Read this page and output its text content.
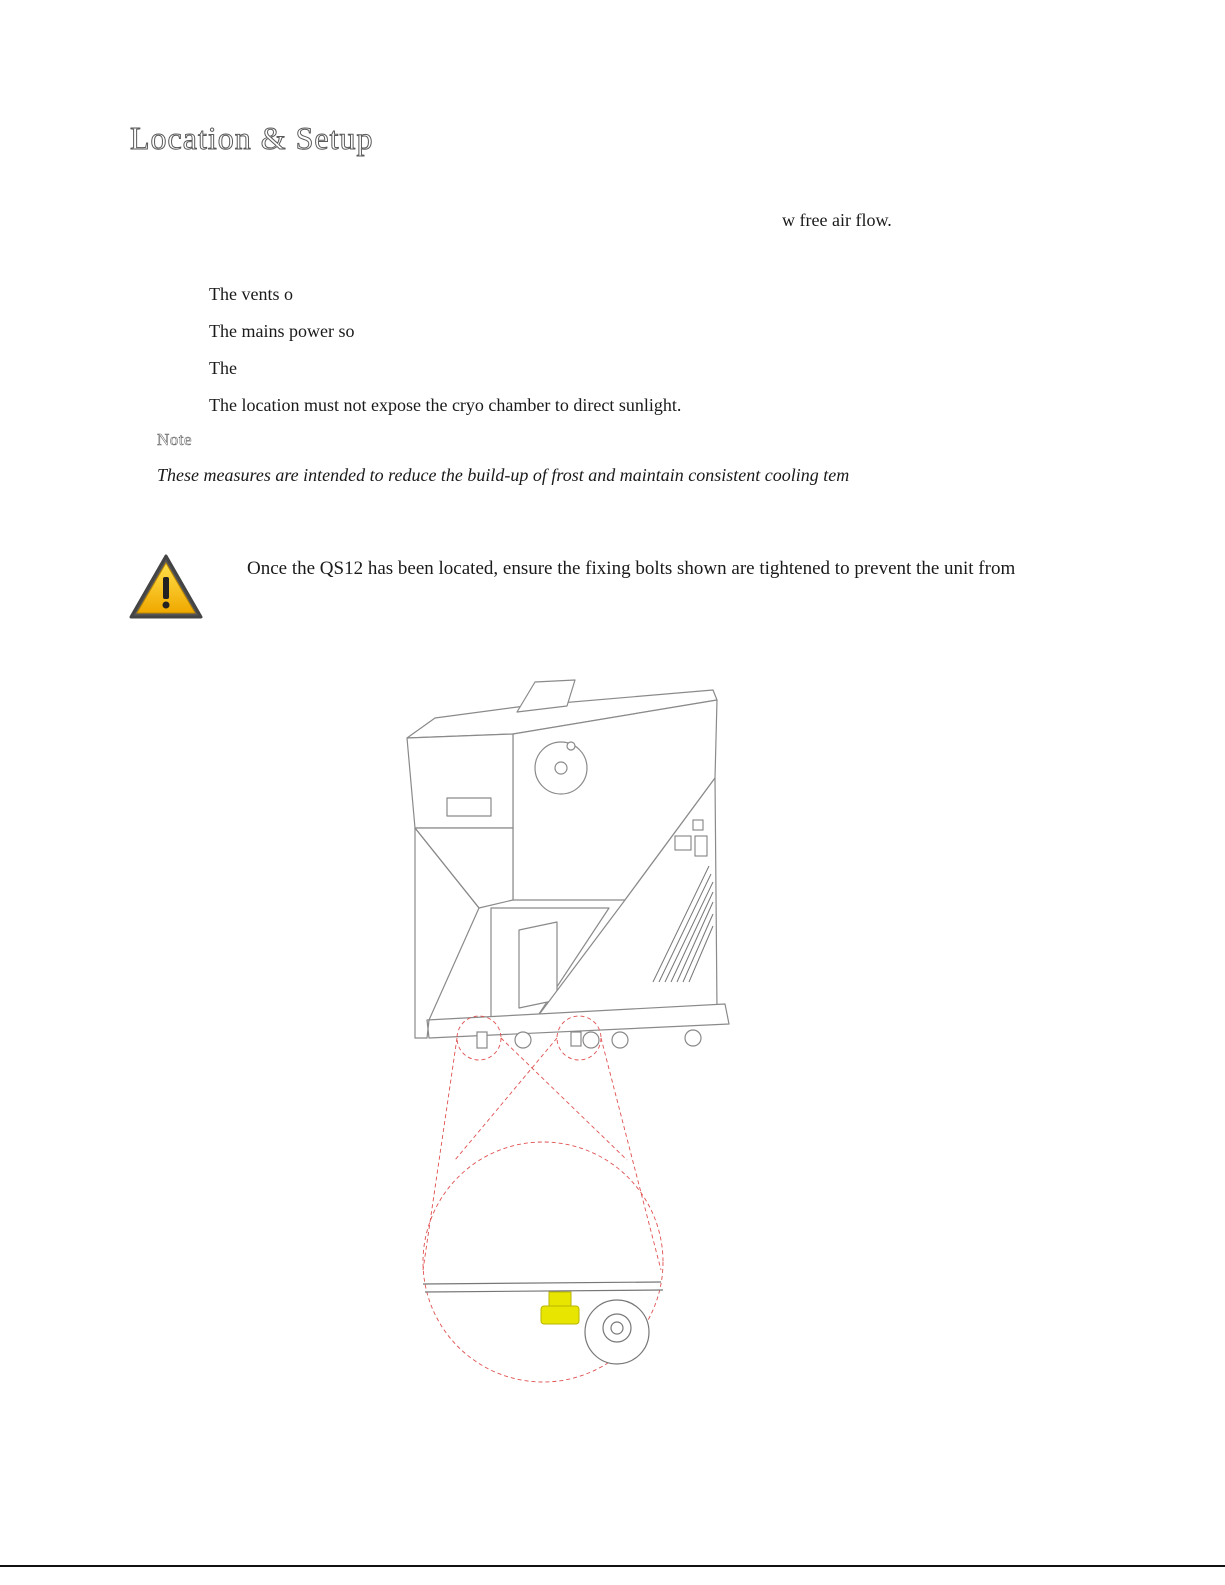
Location & Setup
w free air flow.
The vents o
The mains power so
The
The location must not expose the cryo chamber to direct sunlight.
Note
These measures are intended to reduce the build-up of frost and maintain consistent cooling tem
Once the QS12 has been located, ensure the fixing bolts shown are tightened to prevent the unit from
